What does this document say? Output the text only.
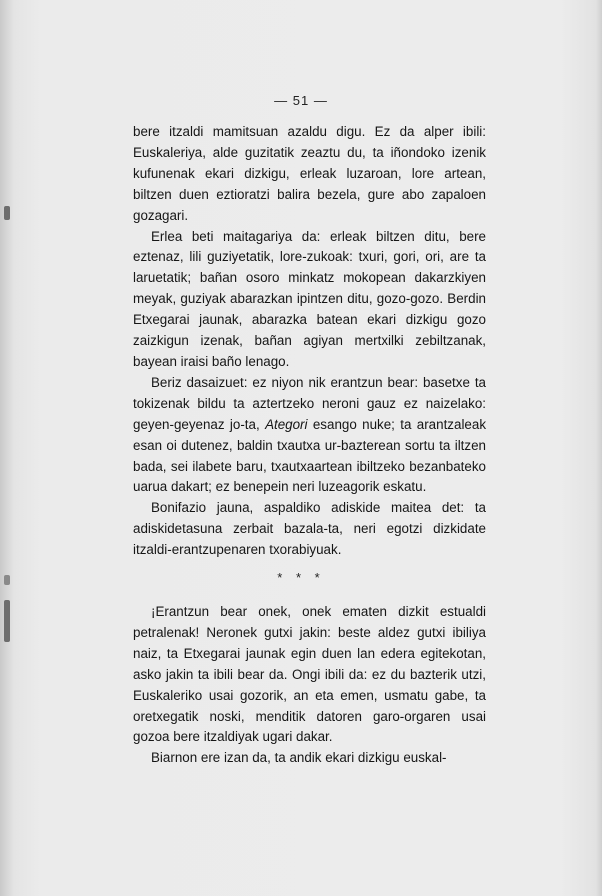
— 51 —

bere itzaldi mamitsuan azaldu digu. Ez da alper ibili: Euskaleriya, alde guzitatik zeaztu du, ta iñondoko izenik kufunenak ekari dizkigu, erleak luzaroan, lore artean, biltzen duen eztioratzi balira bezela, gure abo zapaloen gozagari.

Erlea beti maitagariya da: erleak biltzen ditu, bere eztenaz, lili guziyetatik, lore-zukoak: txuri, gori, ori, are ta laruetatik; bañan osoro minkatz mokopean dakarzkiyen meyak, guziyak abarazkan ipintzen ditu, gozo-gozo. Berdin Etxegarai jaunak, abarazka batean ekari dizkigu gozo zaizkigun izenak, bañan agiyan mertxilki zebiltzanak, bayean iraisi baño lenago.

Beriz dasaizuet: ez niyon nik erantzun bear: basetxe ta tokizenak bildu ta aztertzeko neroni gauz ez naizelako: geyen-geyenaz jo-ta, Ategori esango nuke; ta arantzaleak esan oi dutenez, baldin txautxa ur-bazterean sortu ta iltzen bada, sei ilabete baru, txautxaartean ibiltzeko bezanbateko uarua dakart; ez benepein neri luzeagorik eskatu.

Bonifazio jauna, aspaldiko adiskide maitea det: ta adiskidetasuna zerbait bazala-ta, neri egotzi dizkidate itzaldi-erantzupenaren txorabiyuak.

* * *

¡Erantzun bear onek, onek ematen dizkit estualdi petralenak! Neronek gutxi jakin: beste aldez gutxi ibiliya naiz, ta Etxegarai jaunak egin duen lan edera egitekotan, asko jakin ta ibili bear da. Ongi ibili da: ez du bazterik utzi, Euskaleriko usai gozorik, an eta emen, usmatu gabe, ta oretxegatik noski, menditik datoren garo-orgaren usai gozoa bere itzaldiyak ugari dakar.

Biarnon ere izan da, ta andik ekari dizkigu euskal-
